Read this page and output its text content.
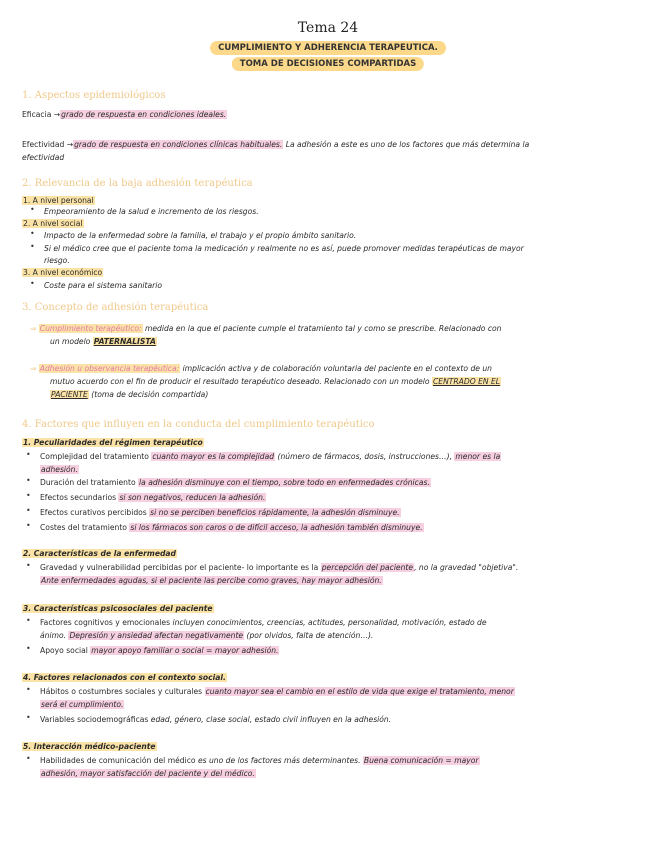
Tema 24
CUMPLIMIENTO Y ADHERENCIA TERAPEUTICA.
TOMA DE DECISIONES COMPARTIDAS
1. Aspectos epidemiológicos
Eficacia →grado de respuesta en condiciones ideales.
Efectividad →grado de respuesta en condiciones clínicas habituales. La adhesión a este es uno de los factores que más determina la
efectividad
2. Relevancia de la baja adhesión terapéutica
1. A nivel personal
• Empeoramiento de la salud e incremento de los riesgos.
2. A nivel social
• Impacto de la enfermedad sobre la familia, el trabajo y el propio ámbito sanitario.
• Si el médico cree que el paciente toma la medicación y realmente no es así, puede promover medidas terapéuticas de mayor
riesgo.
3. A nivel económico
• Coste para el sistema sanitario
3. Concepto de adhesión terapéutica
⇒ Cumplimiento terapéutico: medida en la que el paciente cumple el tratamiento tal y como se prescribe. Relacionado con
un modelo PATERNALISTA
⇒ Adhesión u observancia terapéutica: implicación activa y de colaboración voluntaria del paciente en el contexto de un
mutuo acuerdo con el fin de producir el resultado terapéutico deseado. Relacionado con un modelo CENTRADO EN EL
PACIENTE (toma de decisión compartida)
4. Factores que influyen en la conducta del cumplimiento terapéutico
1. Peculiaridades del régimen terapéutico
• Complejidad del tratamiento cuanto mayor es la complejidad (número de fármacos, dosis, instrucciones…), menor es la
adhesión.
• Duración del tratamiento la adhesión disminuye con el tiempo, sobre todo en enfermedades crónicas.
• Efectos secundarios si son negativos, reducen la adhesión.
• Efectos curativos percibidos si no se perciben beneficios rápidamente, la adhesión disminuye.
• Costes del tratamiento si los fármacos son caros o de difícil acceso, la adhesión también disminuye.
2. Características de la enfermedad
• Gravedad y vulnerabilidad percibidas por el paciente- lo importante es la percepción del paciente, no la gravedad "objetiva".
Ante enfermedades agudas, si el paciente las percibe como graves, hay mayor adhesión.
3. Características psicosociales del paciente
• Factores cognitivos y emocionales incluyen conocimientos, creencias, actitudes, personalidad, motivación, estado de
ánimo. Depresión y ansiedad afectan negativamente (por olvidos, falta de atención…).
• Apoyo social mayor apoyo familiar o social = mayor adhesión.
4. Factores relacionados con el contexto social.
• Hábitos o costumbres sociales y culturales cuanto mayor sea el cambio en el estilo de vida que exige el tratamiento, menor
será el cumplimiento.
• Variables sociodemográficas edad, género, clase social, estado civil influyen en la adhesión.
5. Interacción médico-paciente
• Habilidades de comunicación del médico es uno de los factores más determinantes. Buena comunicación = mayor
adhesión, mayor satisfacción del paciente y del médico.
